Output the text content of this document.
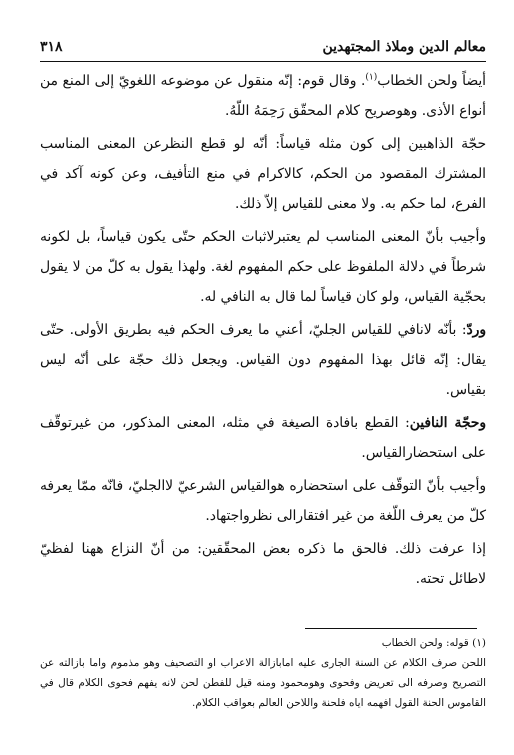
معالم الدين وملاذ المجتهدين
٣١٨

أيضاً ولحن الخطاب$^{(١)}$. وقال قوم: إنّه منقول عن موضوعه اللغويّ إلى المنع من أنواع الأذى. وهوصريح كلام المحقّق رَحِمَهُ اللّهُ.

حجّة الذاهبين إلى كون مثله قياساً: أنّه لو قطع النظرعن المعنى المناسب المشترك المقصود من الحكم، كالاكرام في منع التأفيف، وعن كونه آكد في الفرع، لما حكم به. ولا معنى للقياس إلاّ ذلك.

وأجيب بأنّ المعنى المناسب لم يعتبرلاثبات الحكم حتّى يكون قياساً، بل لكونه شرطاً في دلالة الملفوظ على حكم المفهوم لغة. ولهذا يقول به كلّ من لا يقول بحجّية القياس، ولو كان قياساً لما قال به النافي له.

وردّ: بأنّه لانافي للقياس الجليّ، أعني ما يعرف الحكم فيه بطريق الأولى. حتّى يقال: إنّه قائل بهذا المفهوم دون القياس. ويجعل ذلك حجّة على أنّه ليس بقياس.

وحجّة النافين: القطع بافادة الصيغة في مثله، المعنى المذكور، من غيرتوقّف على استحضارالقياس.

وأجيب بأنّ التوقّف على استحضاره هوالقياس الشرعيّ لاالجليّ، فانّه ممّا يعرفه كلّ من يعرف اللّغة من غير افتقارالى نظرواجتهاد.

إذا عرفت ذلك. فالحق ما ذكره بعض المحقّقين: من أنّ النزاع ههنا لفظيّ لاطائل تحته.

(١) قوله: ولحن الخطاب

اللحن صرف الكلام عن السنة الجارى عليه امابازالة الاعراب او التصحيف وهو مذموم واما بازالته عن التصريح وصرفه الى تعريض وفحوى وهومحمود ومنه قيل للفطن لحن لانه يفهم فحوى الكلام قال في القاموس الحنة القول افهمه اياه فلحنة واللاحن العالم بعواقب الكلام.
